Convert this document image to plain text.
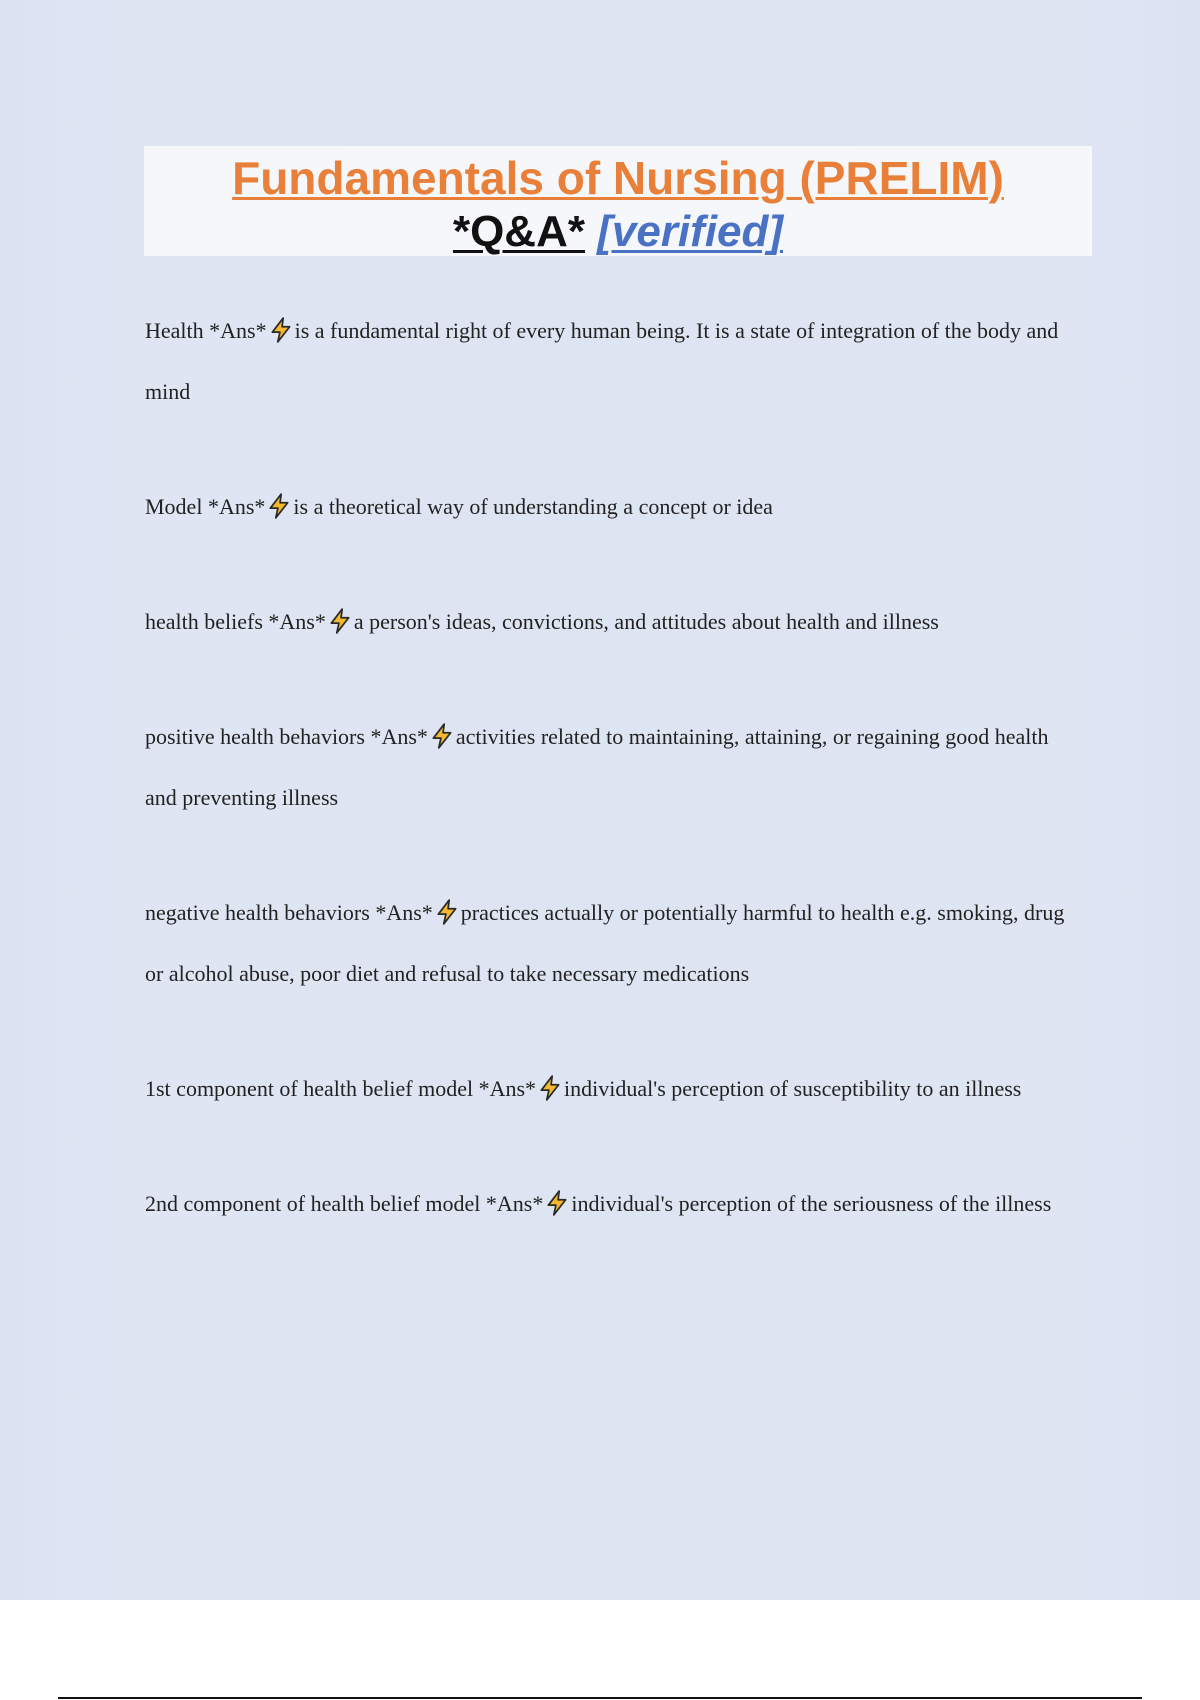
Fundamentals of Nursing (PRELIM)
*Q&A* [verified]

Health *Ans* is a fundamental right of every human being. It is a state of integration of the body and mind

Model *Ans* is a theoretical way of understanding a concept or idea

health beliefs *Ans* a person's ideas, convictions, and attitudes about health and illness

positive health behaviors *Ans* activities related to maintaining, attaining, or regaining good health and preventing illness

negative health behaviors *Ans* practices actually or potentially harmful to health e.g. smoking, drug or alcohol abuse, poor diet and refusal to take necessary medications

1st component of health belief model *Ans* individual's perception of susceptibility to an illness

2nd component of health belief model *Ans* individual's perception of the seriousness of the illness
